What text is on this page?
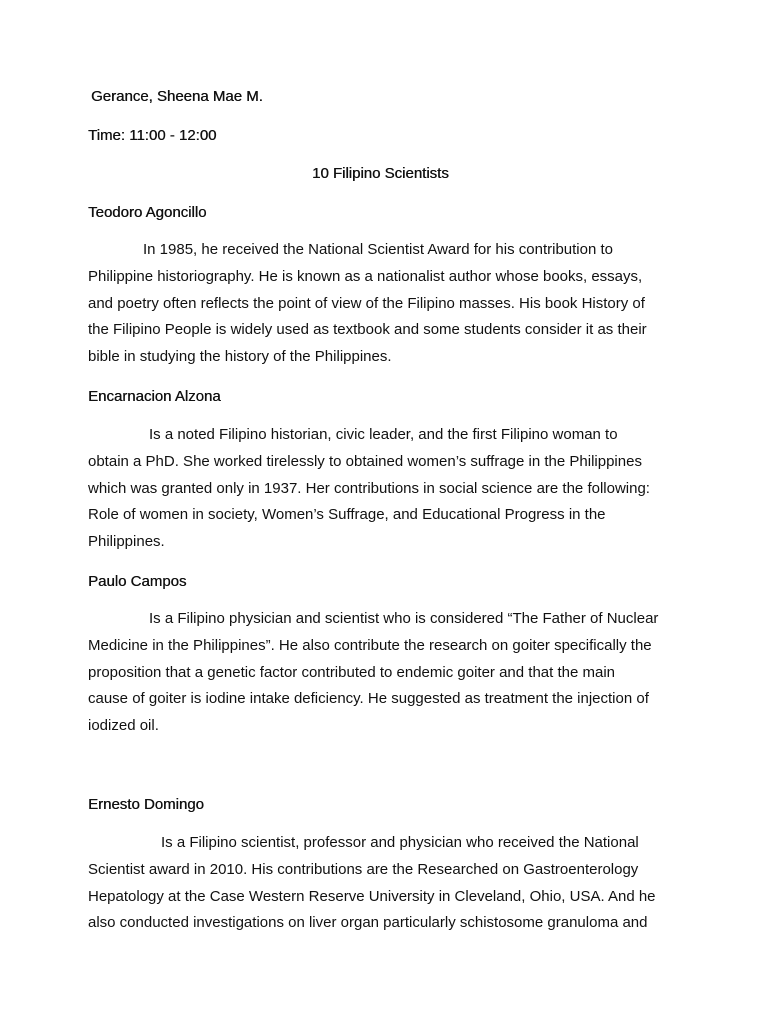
Gerance, Sheena Mae M.
Time: 11:00 - 12:00
10 Filipino Scientists
Teodoro Agoncillo
In 1985, he received the National Scientist Award for his contribution to
Philippine historiography. He is known as a nationalist author whose books, essays,
and poetry often reflects the point of view of the Filipino masses. His book History of
the Filipino People is widely used as textbook and some students consider it as their
bible in studying the history of the Philippines.
Encarnacion Alzona
Is a noted Filipino historian, civic leader, and the first Filipino woman to
obtain a PhD. She worked tirelessly to obtained women’s suffrage in the Philippines
which was granted only in 1937. Her contributions in social science are the following:
Role of women in society, Women’s Suffrage, and Educational Progress in the
Philippines.
Paulo Campos
Is a Filipino physician and scientist who is considered “The Father of Nuclear
Medicine in the Philippines”. He also contribute the research on goiter specifically the
proposition that a genetic factor contributed to endemic goiter and that the main
cause of goiter is iodine intake deficiency. He suggested as treatment the injection of
iodized oil.
Ernesto Domingo
Is a Filipino scientist, professor and physician who received the National
Scientist award in 2010. His contributions are the Researched on Gastroenterology
Hepatology at the Case Western Reserve University in Cleveland, Ohio, USA. And he
also conducted investigations on liver organ particularly schistosome granuloma and
